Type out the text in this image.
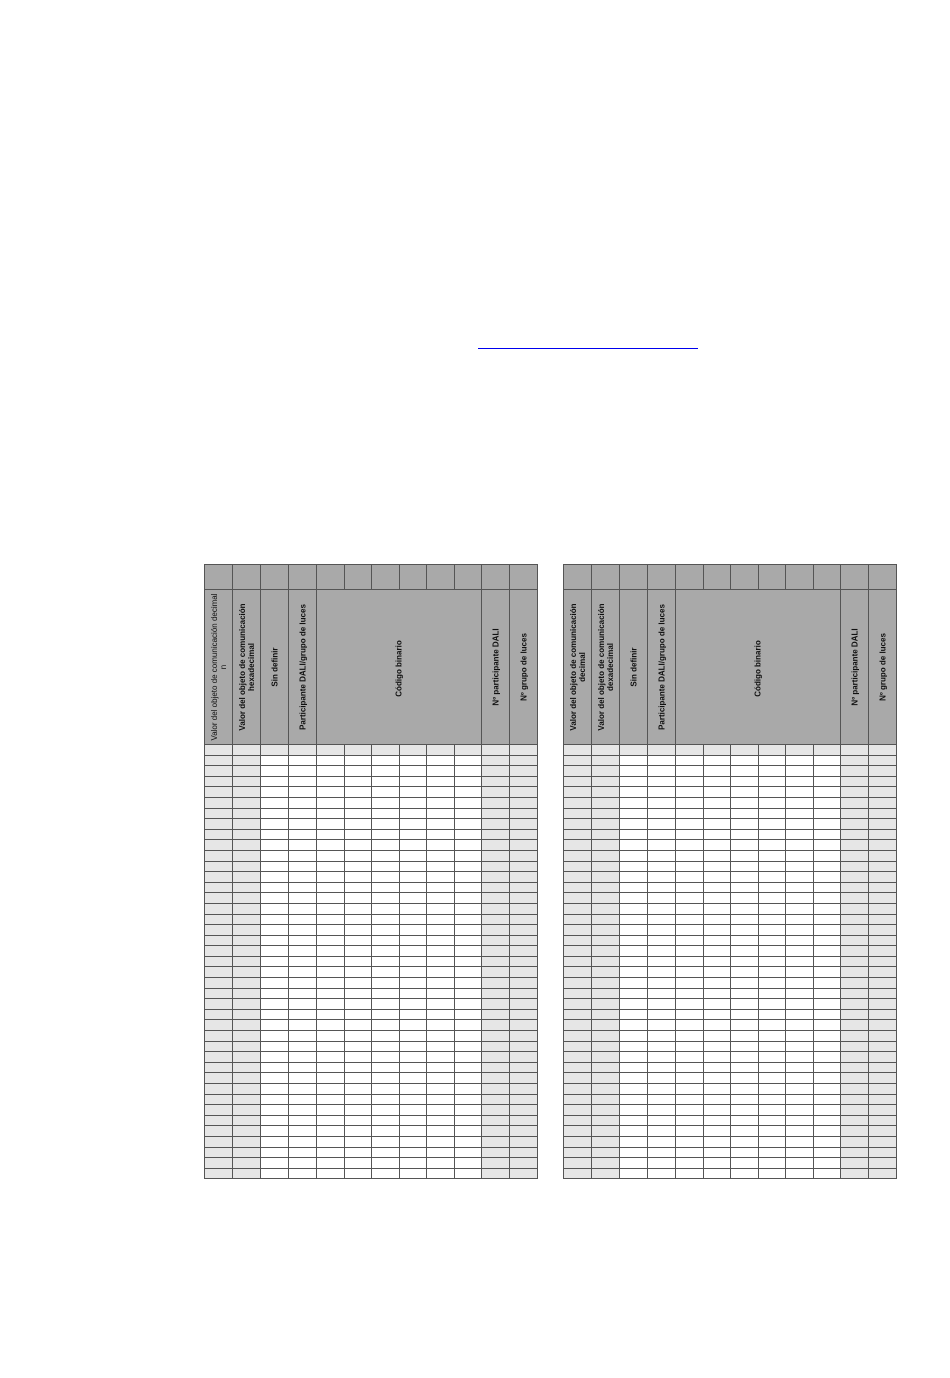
Valor del objeto de comunicación decimal n	Valor del objeto de comunicación hexadecimal	Sin definir	Participante DALI/grupo de luces	Código binario						Nº participante DALI	Nº grupo de luces

												Valor del objeto de comunicación decimal	Valor del objeto de comunicación dexadecimal	Sin definir	Participante DALI/grupo de luces	Código binario						Nº participante DALI	Nº grupo de luces
